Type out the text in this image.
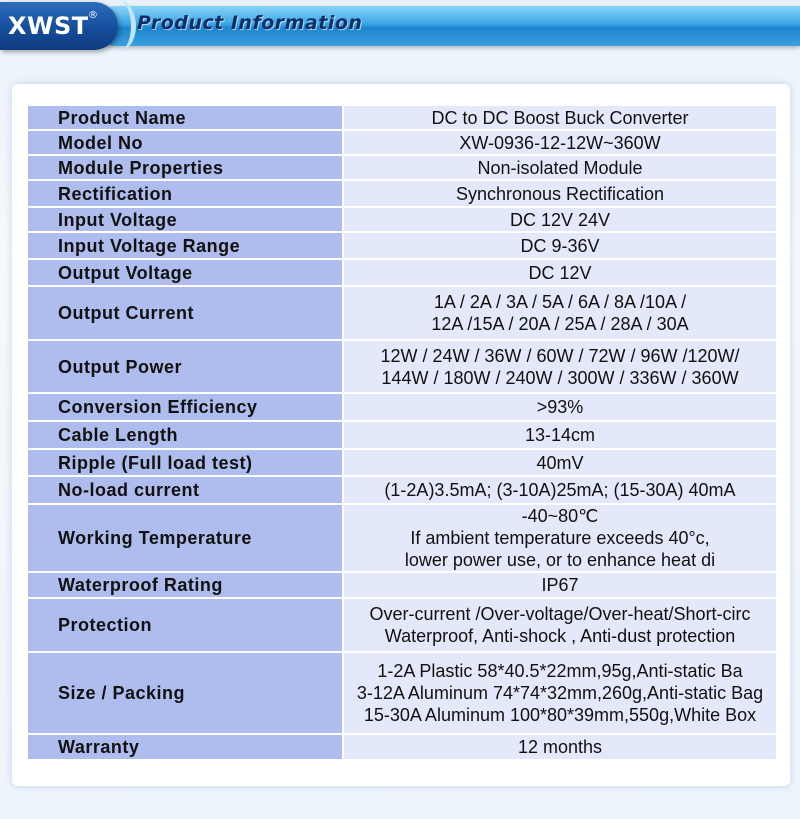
Product Information
XWST ®
Product Name	DC to DC Boost Buck Converter

Model No	XW-0936-12-12W~360W

Module Properties	Non-isolated Module

Rectification	Synchronous Rectification

Input Voltage	DC 12V 24V

Input Voltage Range	DC 9-36V

Output Voltage	DC 12V

Output Current	1A / 2A / 3A / 5A / 6A / 8A /10A /
12A /15A / 20A / 25A / 28A / 30A

Output Power	12W / 24W / 36W / 60W / 72W / 96W /120W/
144W / 180W / 240W / 300W / 336W / 360W

Conversion Efficiency	>93%

Cable Length	13-14cm

Ripple (Full load test)	40mV

No-load current	(1-2A)3.5mA; (3-10A)25mA; (15-30A) 40mA

Working Temperature	-40~80℃
If ambient temperature exceeds 40°c,
lower power use, or to enhance heat di

Waterproof Rating	IP67

Protection	Over-current /Over-voltage/Over-heat/Short-circ
Waterproof, Anti-shock , Anti-dust protection

Size / Packing	1-2A Plastic 58*40.5*22mm,95g,Anti-static Ba
3-12A Aluminum 74*74*32mm,260g,Anti-static Bag
15-30A Aluminum 100*80*39mm,550g,White Box

Warranty	12 months
